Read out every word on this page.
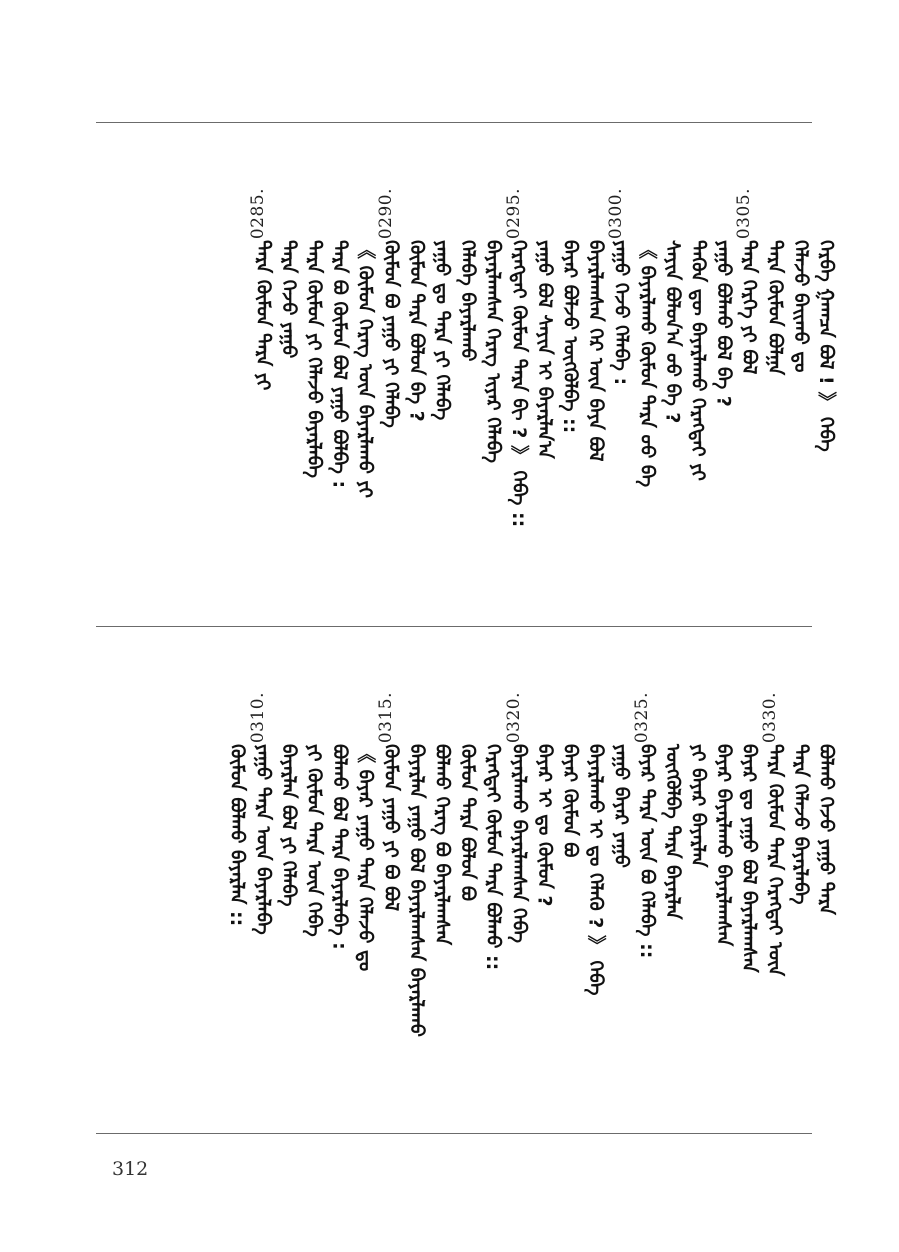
ᠬᠡᠷᠪᠡ ᠭᠠᠭᠴᠠ ᠪᠣᠯ ! 》 ᠭᠡᠪᠡ
ᠬᠡᠯᠡᠵᠦ ᠪᠠᠢᠬᠤ ᠳᠤ
ᠲᠡᠷᠡ ᠬᠦᠮᠦᠨ ᠪᠣᠯᠭᠠ
0305.
ᠲᠡᠷᠡ ᠬᠡᠷᠭᠡ ᠶᠢ ᠪᠣᠯ
ᠶᠠᠭᠤ ᠪᠣᠯᠬᠤ ᠪᠣᠯ ᠪᠡ ?
ᠲᠡᠭᠦᠨ ᠳᠦ ᠪᠠᠶᠠᠷᠯᠠᠬᠤ ᠬᠡᠷᠡᠭᠲᠡᠢ ᠶᠢ
ᠰᠠᠶᠢᠨ ᠪᠣᠯᠤᠨ᠎ᠠ ᠤᠤ ᠪᠡ ?
《 ᠪᠠᠶᠠᠷᠯᠠᠬᠤ ᠬᠦᠮᠦᠨ ᠲᠡᠷᠡ ᠤᠤ ᠪᠡ
0300.
ᠶᠠᠭᠤ ᠭᠡᠵᠦ ᠬᠡᠯᠡᠪᠡ :
ᠪᠠᠶᠠᠷᠯᠠᠭᠰᠠᠨ ᠭᠡᠷ ᠦᠨ ᠪᠡᠶᠡ ᠪᠣᠯ
ᠪᠠᠶᠠᠷ ᠪᠣᠯᠵᠤ ᠦᠭᠭᠦᠯᠪᠡ ::
ᠶᠠᠭᠤ ᠪᠣᠯ ᠰᠠᠶᠢᠨ ᠢ ᠪᠠᠶᠠᠷᠯᠠᠨ᠎ᠠ
0295.
ᠬᠡᠷᠡᠭᠲᠡᠢ ᠬᠦᠮᠦᠨ ᠲᠡᠷᠡ ᠪᠢ ? 》 ᠭᠡᠪᠡ ::
ᠪᠠᠶᠠᠷᠯᠠᠭᠰᠠᠨ ᠬᠡᠷᠡᠭ ᠢᠶᠡᠷ ᠬᠡᠯᠡᠪᠡ
ᠬᠡᠯᠡᠪᠡ ᠪᠠᠶᠠᠷᠯᠠᠬᠤ
ᠶᠠᠭᠤ ᠳᠤ ᠲᠡᠷᠡ ᠶᠢ ᠬᠡᠯᠡᠪᠡ
ᠬᠦᠮᠦᠨ ᠲᠡᠷᠡ ᠪᠣᠯᠤᠨ ᠪᠡ ?
0290.
ᠬᠦᠮᠦᠨ ᠪᠣ ᠶᠠᠭᠤ ᠶᠢ ᠬᠡᠯᠡᠪᠡ
《 ᠬᠦᠮᠦᠨ ᠬᠡᠷᠡᠭ ᠦᠨ ᠪᠠᠶᠠᠷᠯᠠᠬᠤ ᠶᠢ
ᠲᠡᠷᠡ ᠪᠣ ᠬᠦᠮᠦᠨ ᠪᠣᠯ ᠶᠠᠭᠤ ᠪᠣᠯᠪᠠ :
ᠲᠡᠷᠡ ᠬᠦᠮᠦᠨ ᠶᠢ ᠬᠡᠯᠡᠵᠦ ᠪᠠᠶᠠᠷᠯᠠᠪᠠ
ᠲᠡᠷᠡ ᠭᠡᠵᠦ ᠶᠠᠭᠤ
0285.
ᠲᠡᠷᠡ ᠬᠦᠮᠦᠨ ᠲᠡᠷᠡ ᠶᠢ
ᠪᠣᠯᠬᠤ ᠭᠡᠵᠦ ᠶᠠᠭᠤ ᠲᠡᠷᠡ
ᠲᠡᠷᠡ ᠬᠡᠯᠡᠵᠦ ᠪᠠᠶᠠᠷᠯᠠᠪᠠ
0330.
ᠲᠡᠷᠡ ᠬᠦᠮᠦᠨ ᠲᠡᠷᠡ ᠬᠡᠷᠡᠭᠲᠡᠢ ᠦᠨ
ᠪᠠᠶᠠᠷ ᠳᠤ ᠶᠠᠭᠤ ᠪᠣᠯ ᠪᠠᠶᠠᠷᠯᠠᠭᠰᠠᠨ
ᠪᠠᠶᠠᠷ ᠪᠠᠶᠠᠷᠯᠠᠬᠤ ᠪᠠᠶᠠᠷᠯᠠᠭᠰᠠᠨ
ᠶᠢ ᠪᠠᠶᠠᠷ ᠪᠠᠶᠠᠷᠯᠠᠨ
ᠦᠭᠭᠦᠯᠪᠡ ᠲᠡᠷᠡ ᠪᠠᠶᠠᠷᠯᠠᠨ
0325.
ᠪᠠᠶᠠᠷ ᠲᠡᠷᠡ ᠦᠨ ᠪᠣ ᠬᠡᠯᠡᠪᠡ ::
ᠶᠠᠭᠤ ᠪᠠᠶᠠᠷ ᠶᠠᠭᠤ
ᠪᠠᠶᠠᠷᠯᠠᠬᠤ ᠢ ᠳᠤ ᠬᠡᠯᠡᠬᠦ ? 》 ᠭᠡᠪᠡ
ᠪᠠᠶᠠᠷ ᠬᠦᠮᠦᠨ ᠪᠣ
ᠪᠠᠶᠠᠷ ᠢ ᠳᠤ ᠬᠦᠮᠦᠨ ?
0320.
ᠪᠠᠶᠠᠷᠯᠠᠬᠤ ᠪᠠᠶᠠᠷᠯᠠᠭᠰᠠᠨ ᠭᠡᠪᠡ
ᠬᠡᠷᠡᠭᠲᠡᠢ ᠬᠦᠮᠦᠨ ᠲᠡᠷᠡ ᠪᠣᠯᠬᠤ ::
ᠬᠦᠮᠦᠨ ᠲᠡᠷᠡ ᠪᠣᠯᠤᠨ ᠪᠣ
ᠪᠣᠯᠬᠤ ᠬᠡᠷᠡᠭ ᠪᠣ ᠪᠠᠶᠠᠷᠯᠠᠭᠰᠠᠨ
ᠪᠠᠶᠠᠷᠯᠠᠨ ᠶᠠᠭᠤ ᠪᠣᠯ ᠪᠠᠶᠠᠷᠯᠠᠭᠰᠠᠨ ᠪᠠᠶᠠᠷᠯᠠᠬᠤ
0315.
ᠬᠦᠮᠦᠨ ᠶᠠᠭᠤ ᠶᠢ ᠪᠣ ᠪᠣᠯ
《 ᠪᠠᠶᠠᠷ ᠶᠠᠭᠤ ᠲᠡᠷᠡ ᠬᠡᠯᠡᠵᠦ ᠳᠤ
ᠪᠣᠯᠬᠤ ᠪᠣᠯ ᠲᠡᠷᠡ ᠪᠠᠶᠠᠷᠯᠠᠪᠠ :
ᠶᠢ ᠬᠦᠮᠦᠨ ᠲᠡᠷᠡ ᠦᠨ ᠭᠡᠪᠡ
ᠪᠠᠶᠠᠷᠯᠠᠨ ᠪᠣᠯ ᠶᠢ ᠬᠡᠯᠡᠪᠡ
0310.
ᠶᠠᠭᠤ ᠲᠡᠷᠡ ᠦᠨ ᠪᠠᠶᠠᠷᠯᠠᠪᠠ
ᠬᠦᠮᠦᠨ ᠪᠣᠯᠬᠤ ᠪᠠᠶᠠᠷᠯᠠᠨ ::
312
